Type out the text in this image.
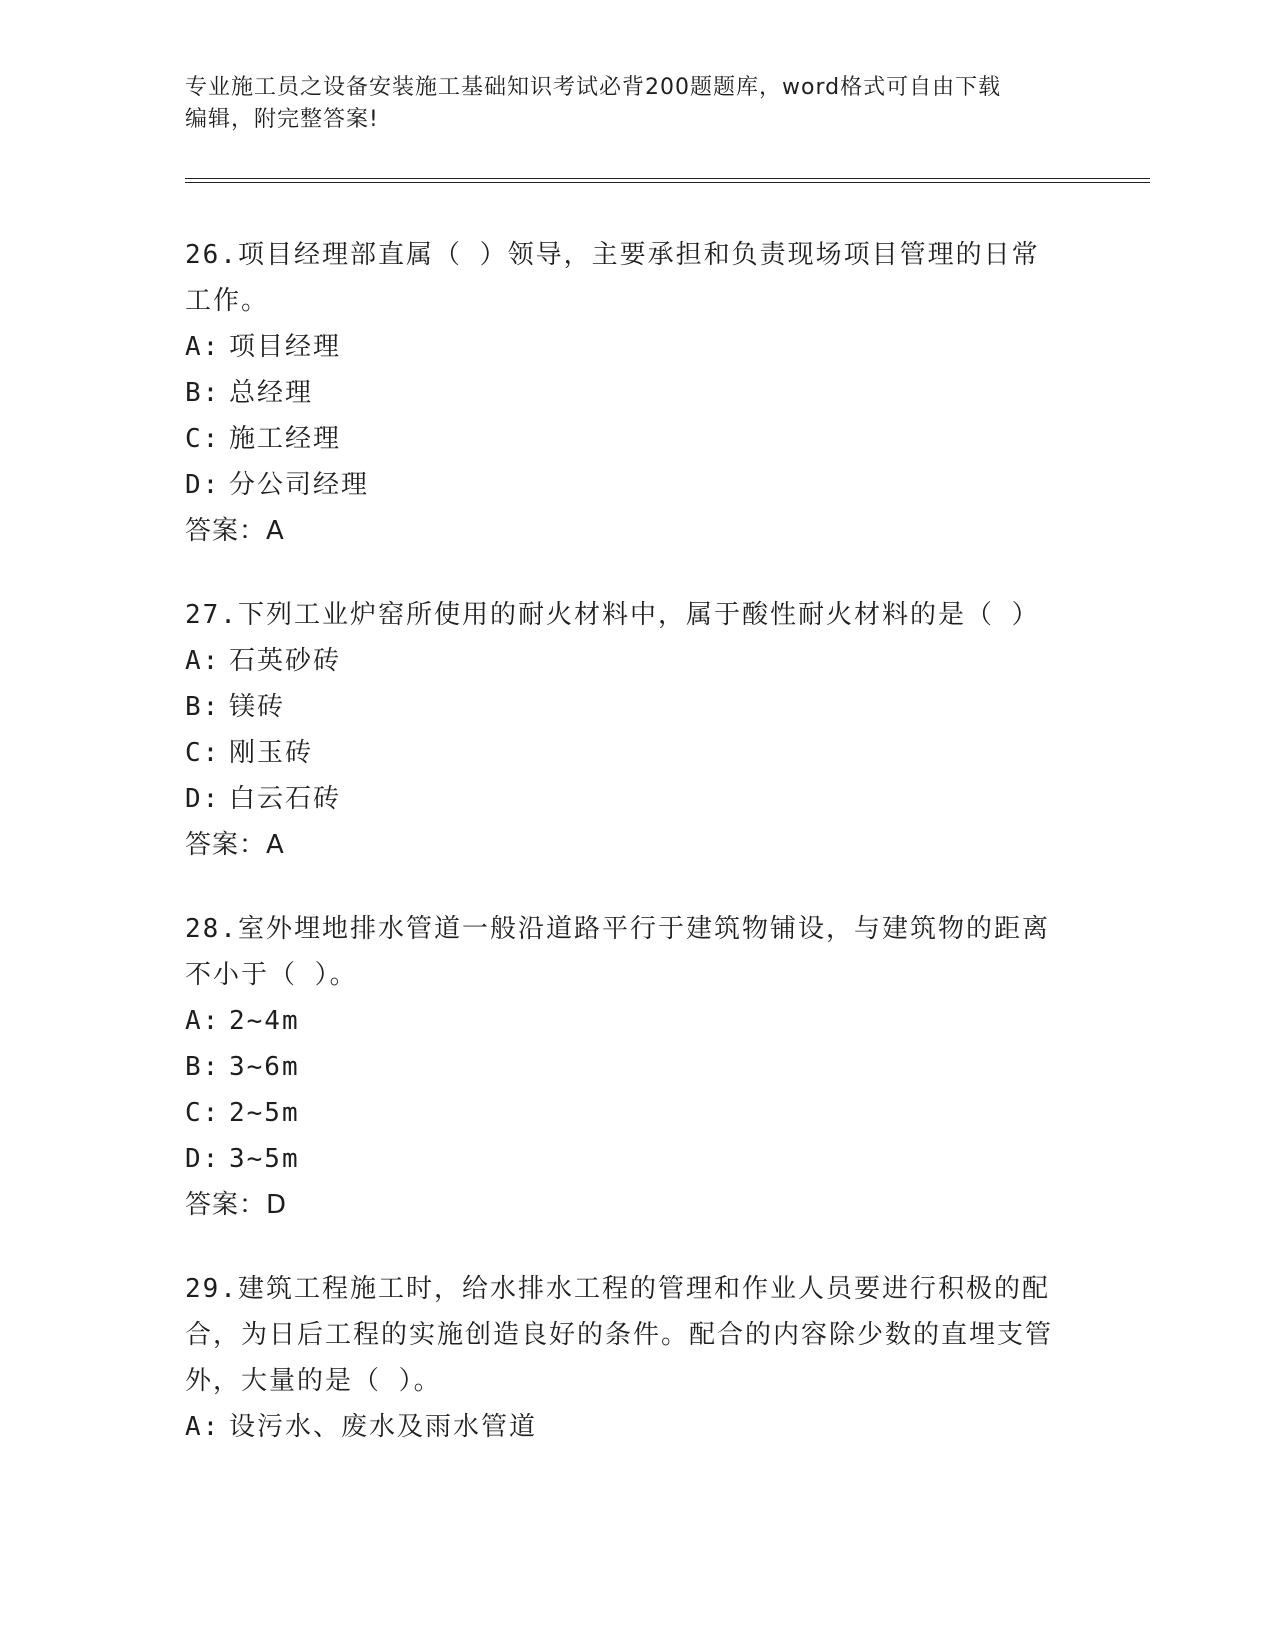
专业施工员之设备安装施工基础知识考试必背200题题库，word格式可自由下载
编辑，附完整答案!

26.项目经理部直属（ ）领导，主要承担和负责现场项目管理的日常工作。

A: 项目经理

B: 总经理

C: 施工经理

D: 分公司经理

答案：A

27.下列工业炉窑所使用的耐火材料中，属于酸性耐火材料的是（ ）

A: 石英砂砖

B: 镁砖

C: 刚玉砖

D: 白云石砖

答案：A

28.室外埋地排水管道一般沿道路平行于建筑物铺设，与建筑物的距离不小于（ ）。

A: 2~4m

B: 3~6m

C: 2~5m

D: 3~5m

答案：D

29.建筑工程施工时，给水排水工程的管理和作业人员要进行积极的配合，为日后工程的实施创造良好的条件。配合的内容除少数的直埋支管外，大量的是（ ）。

A: 设污水、废水及雨水管道
